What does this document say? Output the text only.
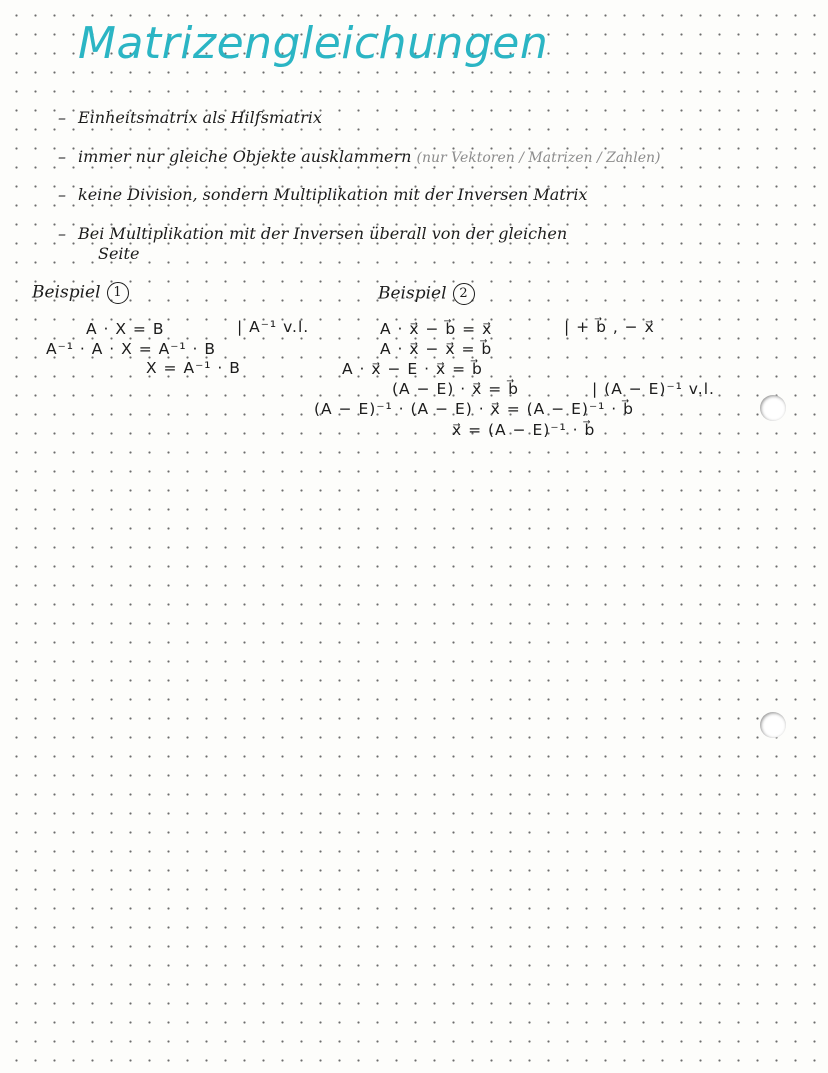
Matrizengleichungen
– Einheitsmatrix als Hilfsmatrix
– immer nur gleiche Objekte ausklammern (nur Vektoren / Matrizen / Zahlen)
– keine Division, sondern Multiplikation mit der Inversen Matrix
– Bei Multiplikation mit der Inversen überall von der gleichen
Seite
Beispiel 1
A · X = B	| A⁻¹ v.l.
A⁻¹ · A · X = A⁻¹ · B
X = A⁻¹ · B
Beispiel 2
A · x⃗ − b⃗ = x⃗	| + b⃗ , − x⃗
A · x⃗ − x⃗ = b⃗
A · x⃗ − E · x⃗ = b⃗
(A − E) · x⃗ = b⃗	| (A − E)⁻¹ v.l.
(A − E)⁻¹ · (A − E) · x⃗ = (A − E)⁻¹ · b⃗
x⃗ = (A − E)⁻¹ · b⃗
